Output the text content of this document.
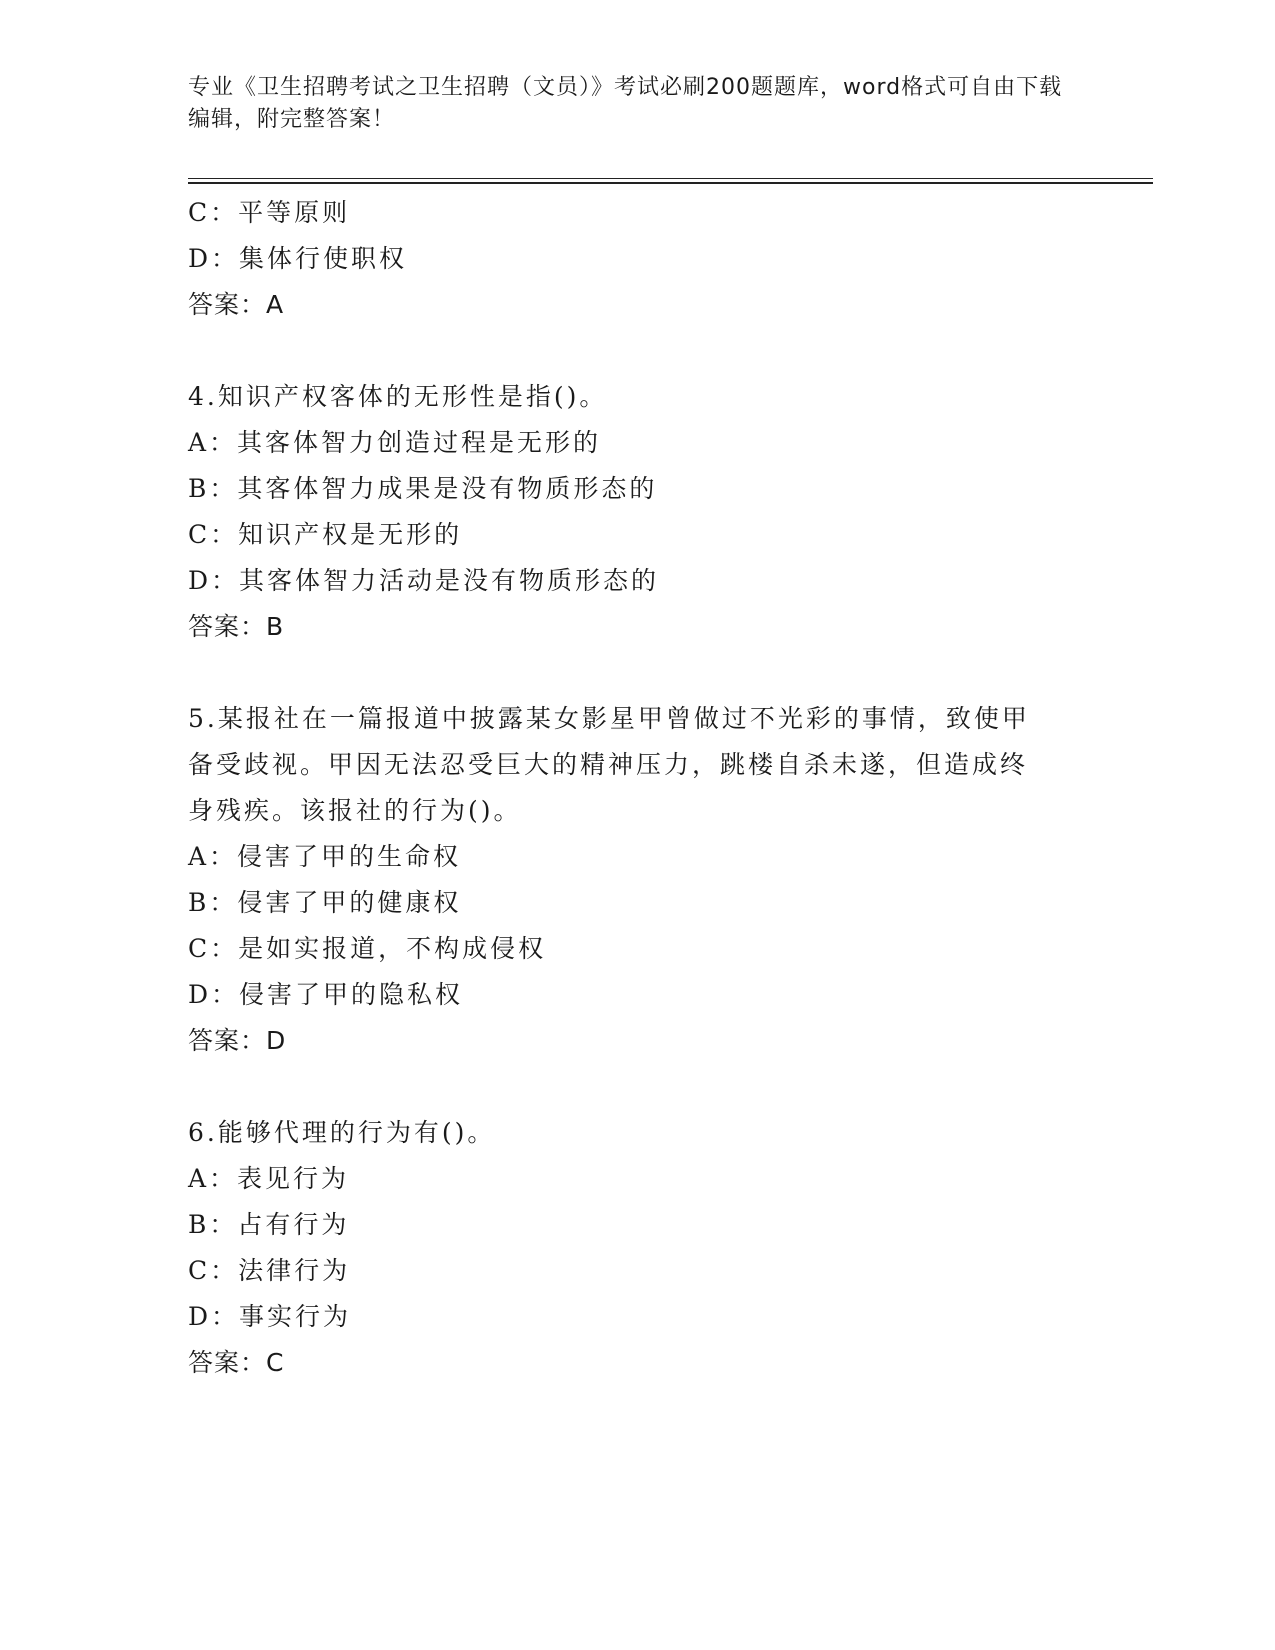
专业《卫生招聘考试之卫生招聘（文员）》考试必刷200题题库，word格式可自由下载编辑，附完整答案！
C：平等原则
D：集体行使职权
答案：A
4.知识产权客体的无形性是指()。
A：其客体智力创造过程是无形的
B：其客体智力成果是没有物质形态的
C：知识产权是无形的
D：其客体智力活动是没有物质形态的
答案：B
5.某报社在一篇报道中披露某女影星甲曾做过不光彩的事情，致使甲
备受歧视。甲因无法忍受巨大的精神压力，跳楼自杀未遂，但造成终
身残疾。该报社的行为()。
A：侵害了甲的生命权
B：侵害了甲的健康权
C：是如实报道，不构成侵权
D：侵害了甲的隐私权
答案：D
6.能够代理的行为有()。
A：表见行为
B：占有行为
C：法律行为
D：事实行为
答案：C
